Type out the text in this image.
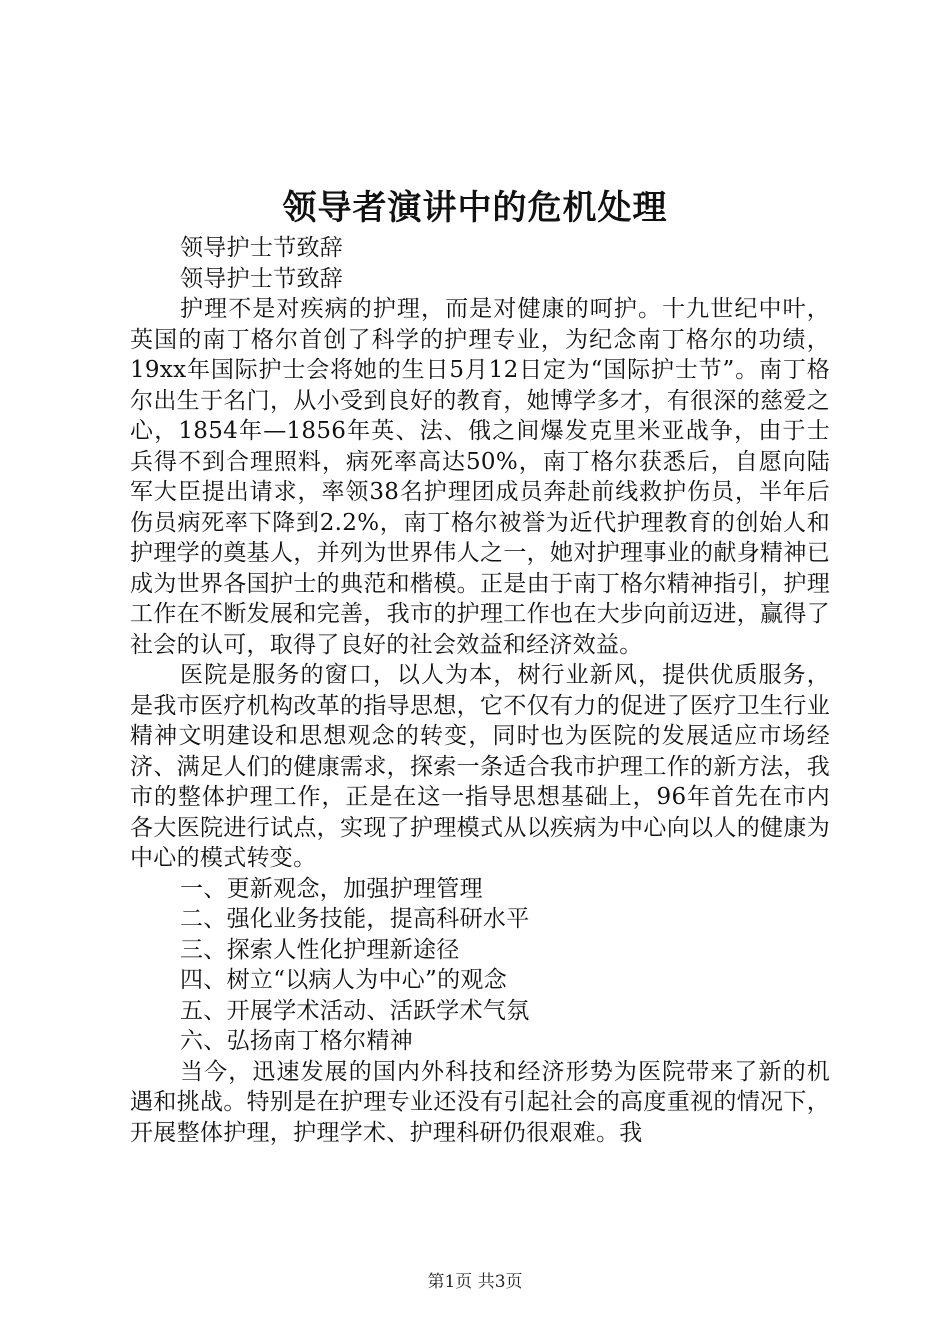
领导者演讲中的危机处理

领导护士节致辞

领导护士节致辞

护理不是对疾病的护理，而是对健康的呵护。十九世纪中叶，英国的南丁格尔首创了科学的护理专业，为纪念南丁格尔的功绩，19xx年国际护士会将她的生日5月12日定为“国际护士节”。南丁格尔出生于名门，从小受到良好的教育，她博学多才，有很深的慈爱之心，1854年—1856年英、法、俄之间爆发克里米亚战争，由于士兵得不到合理照料，病死率高达50%，南丁格尔获悉后，自愿向陆军大臣提出请求，率领38名护理团成员奔赴前线救护伤员，半年后伤员病死率下降到2.2%，南丁格尔被誉为近代护理教育的创始人和护理学的奠基人，并列为世界伟人之一，她对护理事业的献身精神已成为世界各国护士的典范和楷模。正是由于南丁格尔精神指引，护理工作在不断发展和完善，我市的护理工作也在大步向前迈进，赢得了社会的认可，取得了良好的社会效益和经济效益。

医院是服务的窗口，以人为本，树行业新风，提供优质服务，是我市医疗机构改革的指导思想，它不仅有力的促进了医疗卫生行业精神文明建设和思想观念的转变，同时也为医院的发展适应市场经济、满足人们的健康需求，探索一条适合我市护理工作的新方法，我市的整体护理工作，正是在这一指导思想基础上，96年首先在市内各大医院进行试点，实现了护理模式从以疾病为中心向以人的健康为中心的模式转变。

一、更新观念，加强护理管理

二、强化业务技能，提高科研水平

三、探索人性化护理新途径

四、树立“以病人为中心”的观念

五、开展学术活动、活跃学术气氛

六、弘扬南丁格尔精神

当今，迅速发展的国内外科技和经济形势为医院带来了新的机遇和挑战。特别是在护理专业还没有引起社会的高度重视的情况下，开展整体护理，护理学术、护理科研仍很艰难。我

第1页 共3页
